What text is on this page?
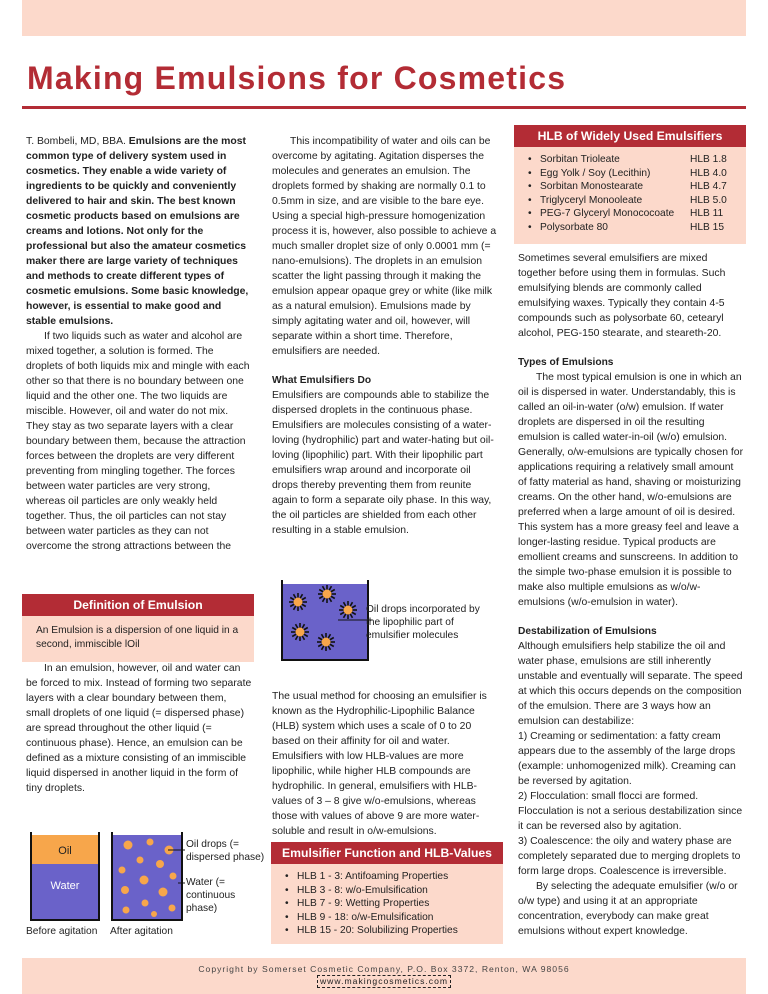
Making Emulsions for Cosmetics

T. Bombeli, MD, BBA. Emulsions are the most common type of delivery system used in cosmetics. They enable a wide variety of ingredients to be quickly and conveniently delivered to hair and skin. The best known cosmetic products based on emulsions are creams and lotions. Not only for the professional but also the amateur cosmetics maker there are large variety of techniques and methods to create different types of cosmetic emulsions. Some basic knowledge, however, is essential to make good and stable emulsions.

If two liquids such as water and alcohol are mixed together, a solution is formed. The droplets of both liquids mix and mingle with each other so that there is no boundary between one liquid and the other one. The two liquids are miscible. However, oil and water do not mix. They stay as two separate layers with a clear boundary between them, because the attraction forces between the droplets are very different preventing from mingling together. The forces between water particles are very strong, whereas oil particles are only weakly held together. Thus, the oil particles can not stay between water particles as they can not overcome the strong attractions between the

Definition of Emulsion
An Emulsion is a dispersion of one liquid in a second, immiscible lOil

In an emulsion, however, oil and water can be forced to mix. Instead of forming two separate layers with a clear boundary between them, small droplets of one liquid (= dispersed phase) are spread throughout the other liquid (= continuous phase). Hence, an emulsion can be defined as a mixture consisting of an immiscible liquid dispersed in another liquid in the form of tiny droplets.

Oil
Water
Oil drops (= dispersed phase)
Water (= continuous phase)
Before agitation After agitation

This incompatibility of water and oils can be overcome by agitating. Agitation disperses the molecules and generates an emulsion. The droplets formed by shaking are normally 0.1 to 0.5mm in size, and are visible to the bare eye. Using a special high-pressure homogenization process it is, however, also possible to achieve a much smaller droplet size of only 0.0001 mm (= nano-emulsions). The droplets in an emulsion scatter the light passing through it making the emulsion appear opaque grey or white (like milk as a natural emulsion). Emulsions made by simply agitating water and oil, however, will separate within a short time. Therefore, emulsifiers are needed.

What Emulsifiers Do

Emulsifiers are compounds able to stabilize the dispersed droplets in the continuous phase. Emulsifiers are molecules consisting of a water-loving (hydrophilic) part and water-hating but oil-loving (lipophilic) part. With their lipophilic part emulsifiers wrap around and incorporate oil drops thereby preventing them from reunite again to form a separate oily phase. In this way, the oil particles are shielded from each other resulting in a stable emulsion.

Oil drops incorporated by the lipophilic part of emulsifier molecules

The usual method for choosing an emulsifier is known as the Hydrophilic-Lipophilic Balance (HLB) system which uses a scale of 0 to 20 based on their affinity for oil and water. Emulsifiers with low HLB-values are more lipophilic, while higher HLB compounds are hydrophilic. In general, emulsifiers with HLB-values of 3 – 8 give w/o-emulsions, whereas those with values of above 9 are more water-soluble and result in o/w-emulsions.

Emulsifier Function and HLB-Values
• HLB 1 - 3: Antifoaming Properties
• HLB 3 - 8: w/o-Emulsification
• HLB 7 - 9: Wetting Properties
• HLB 9 - 18: o/w-Emulsification
• HLB 15 - 20: Solubilizing Properties
HLB of Widely Used Emulsifiers
• Sorbitan Trioleate	HLB 1.8
• Egg Yolk / Soy (Lecithin)	HLB 4.0
• Sorbitan Monostearate	HLB 4.7
• Triglyceryl Monooleate	HLB 5.0
• PEG-7 Glyceryl Monococoate	HLB 11
• Polysorbate 80	HLB 15

Sometimes several emulsifiers are mixed together before using them in formulas. Such emulsifying blends are commonly called emulsifying waxes. Typically they contain 4-5 compounds such as polysorbate 60, cetearyl alcohol, PEG-150 stearate, and steareth-20.

Types of Emulsions

The most typical emulsion is one in which an oil is dispersed in water. Understandably, this is called an oil-in-water (o/w) emulsion. If water droplets are dispersed in oil the resulting emulsion is called water-in-oil (w/o) emulsion. Generally, o/w-emulsions are typically chosen for applications requiring a relatively small amount of fatty material as hand, shaving or moisturizing creams. On the other hand, w/o-emulsions are preferred when a large amount of oil is desired. This system has a more greasy feel and leave a longer-lasting residue. Typical products are emollient creams and sunscreens. In addition to the simple two-phase emulsion it is possible to make also multiple emulsions as w/o/w-emulsions (w/o-emulsion in water).

Destabilization of Emulsions

Although emulsifiers help stabilize the oil and water phase, emulsions are still inherently unstable and eventually will separate. The speed at which this occurs depends on the composition of the emulsion. There are 3 ways how an emulsion can destabilize:

1) Creaming or sedimentation: a fatty cream appears due to the assembly of the large drops (example: unhomogenized milk). Creaming can be reversed by agitation.

2) Flocculation: small flocci are formed. Flocculation is not a serious destabilization since it can be reversed also by agitation.

3) Coalescence: the oily and watery phase are completely separated due to merging droplets to form large drops. Coalescence is irreversible.

By selecting the adequate emulsifier (w/o or o/w type) and using it at an appropriate concentration, everybody can make great emulsions without expert knowledge.

Copyright by Somerset Cosmetic Company, P.O. Box 3372, Renton, WA 98056
www.makingcosmetics.com
